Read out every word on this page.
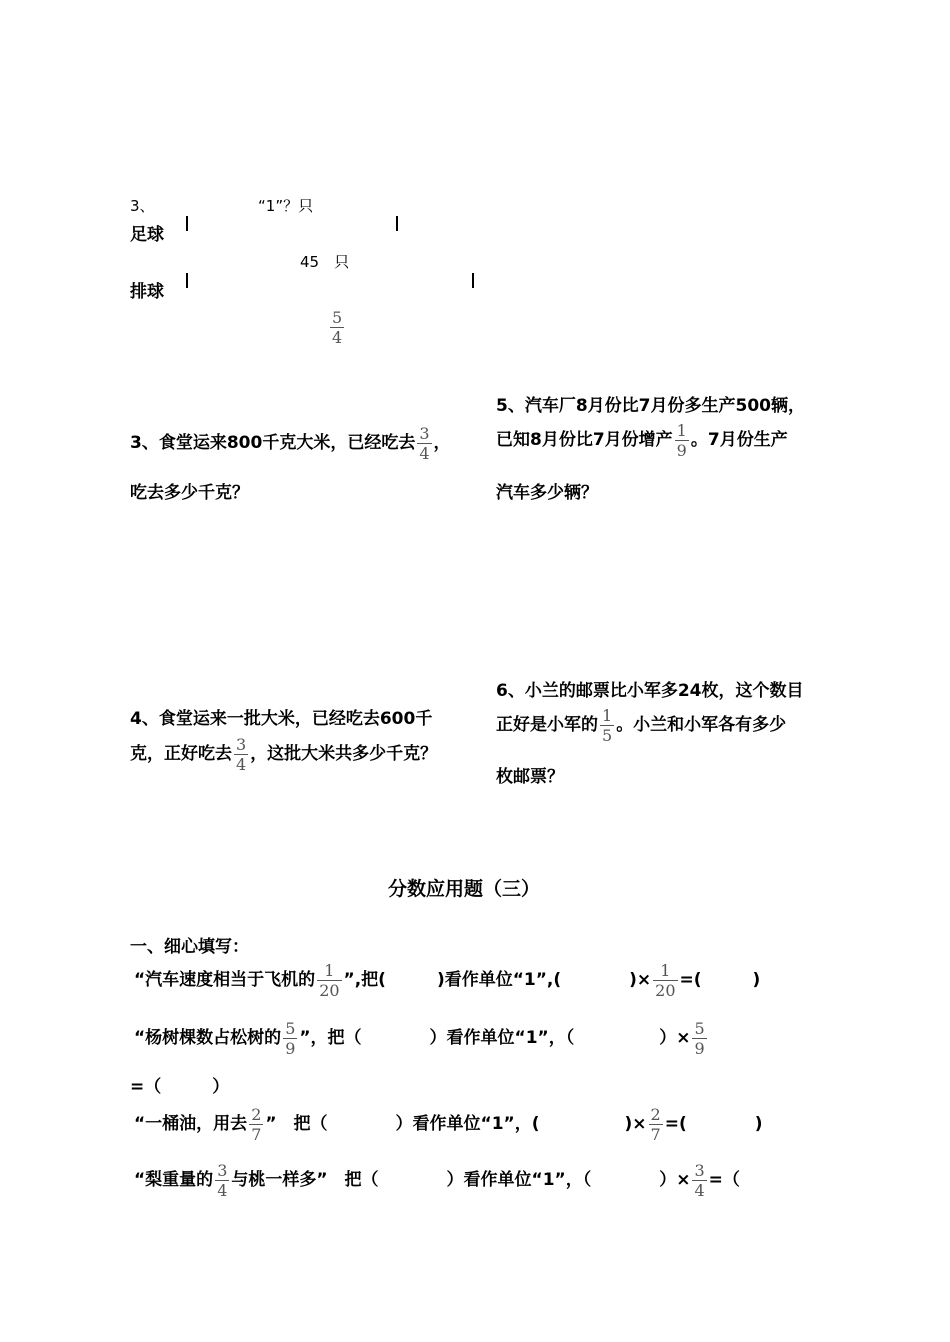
3、	“1”？只
足球
45　只
排球
$\frac{5}{4}$
3、食堂运来800千克大米，已经吃去 $\frac{3}{4}$ ，
吃去多少千克？
5、汽车厂8月份比7月份多生产500辆，
已知8月份比7月份增产 $\frac{1}{9}$ 。7月份生产
汽车多少辆？
4、食堂运来一批大米，已经吃去600千
克，正好吃去 $\frac{3}{4}$ ，这批大米共多少千克？
6、小兰的邮票比小军多24枚，这个数目
正好是小军的 $\frac{1}{5}$ 。小兰和小军各有多少
枚邮票？
分数应用题（三）
一、细心填写：
“汽车速度相当于飞机的 $\frac{1}{20}$ ”,把(　　　)看作单位“1”,(　　　　)× $\frac{1}{20}$ =(　　　)
“杨树棵数占松树的 $\frac{5}{9}$ ”，把（　　　　）看作单位“1”，（　　　　　）× $\frac{5}{9}$
=（　　　）
“一桶油，用去 $\frac{2}{7}$ ”　把（　　　　）看作单位“1”，(　　　　　)× $\frac{2}{7}$ =(　　　　)
“梨重量的 $\frac{3}{4}$ 与桃一样多”　把（　　　　）看作单位“1”，（　　　　）× $\frac{3}{4}$ =（
